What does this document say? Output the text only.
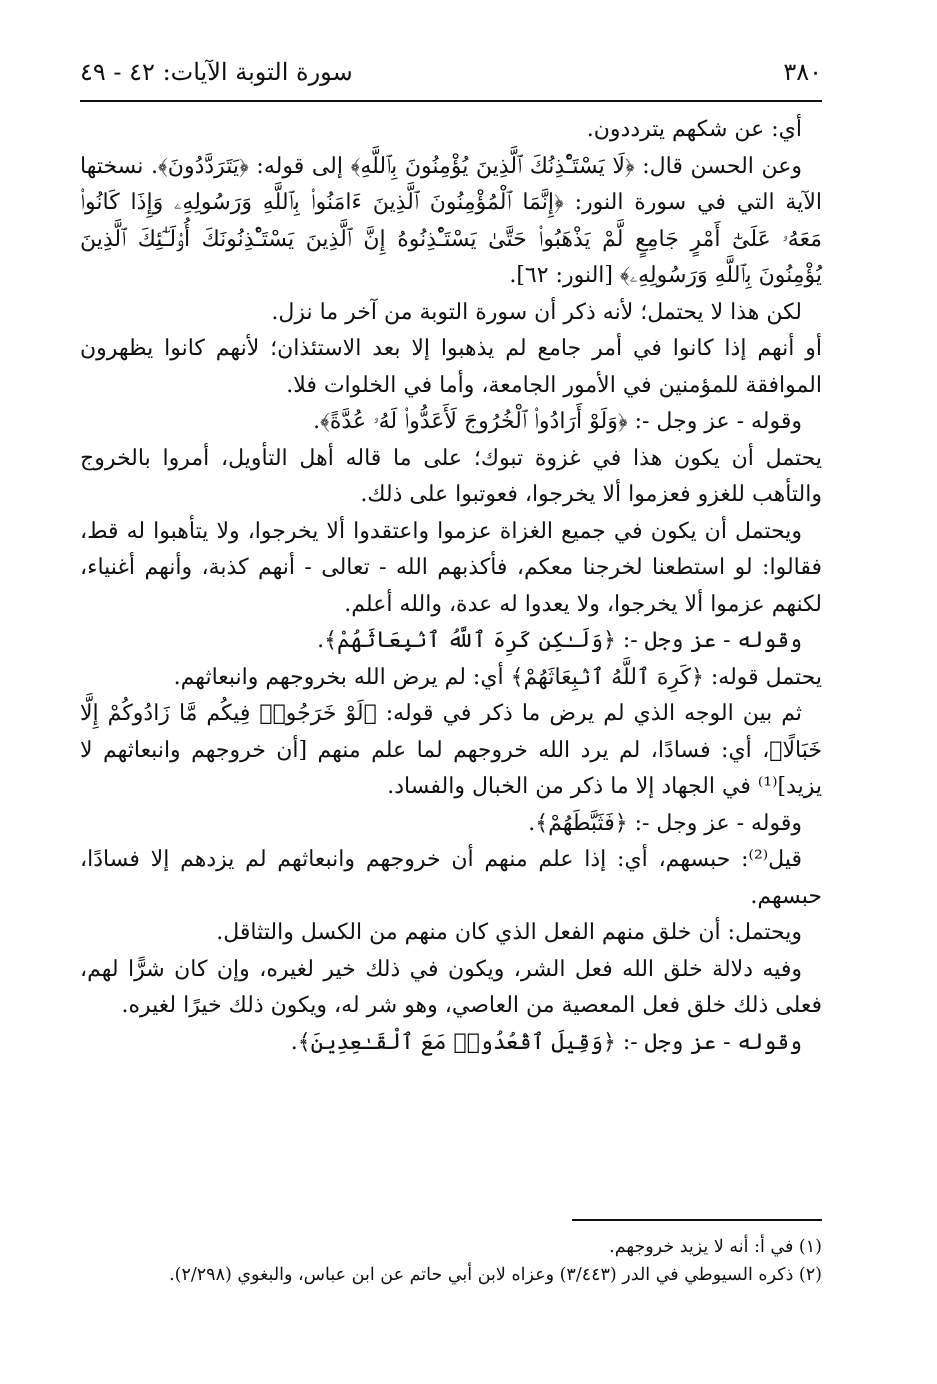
٣٨٠
سورة التوبة الآيات: ٤٢ - ٤٩

أي: عن شكهم يترددون.

وعن الحسن قال: ﴿لَا يَسْتَـْٔذِنُكَ ٱلَّذِينَ يُؤْمِنُونَ بِٱللَّهِ﴾ إلى قوله: ﴿يَتَرَدَّدُونَ﴾. نسختها الآية التي في سورة النور: ﴿إِنَّمَا ٱلْمُؤْمِنُونَ ٱلَّذِينَ ءَامَنُوا۟ بِٱللَّهِ وَرَسُولِهِۦ وَإِذَا كَانُوا۟ مَعَهُۥ عَلَىٰٓ أَمْرٍ جَامِعٍ لَّمْ يَذْهَبُوا۟ حَتَّىٰ يَسْتَـْٔذِنُوهُ إِنَّ ٱلَّذِينَ يَسْتَـْٔذِنُونَكَ أُو۟لَـٰٓئِكَ ٱلَّذِينَ يُؤْمِنُونَ بِٱللَّهِ وَرَسُولِهِۦ﴾ [النور: ٦٢].

لكن هذا لا يحتمل؛ لأنه ذكر أن سورة التوبة من آخر ما نزل.

أو أنهم إذا كانوا في أمر جامع لم يذهبوا إلا بعد الاستئذان؛ لأنهم كانوا يظهرون الموافقة للمؤمنين في الأمور الجامعة، وأما في الخلوات فلا.

وقوله - عز وجل -: ﴿وَلَوْ أَرَادُوا۟ ٱلْخُرُوجَ لَأَعَدُّوا۟ لَهُۥ عُدَّةً﴾.

يحتمل أن يكون هذا في غزوة تبوك؛ على ما قاله أهل التأويل، أمروا بالخروج والتأهب للغزو فعزموا ألا يخرجوا، فعوتبوا على ذلك.

ويحتمل أن يكون في جميع الغزاة عزموا واعتقدوا ألا يخرجوا، ولا يتأهبوا له قط، فقالوا: لو استطعنا لخرجنا معكم، فأكذبهم الله - تعالى - أنهم كذبة، وأنهم أغنياء، لكنهم عزموا ألا يخرجوا، ولا يعدوا له عدة، والله أعلم.

وقوله - عز وجل -: ﴿وَلَـٰكِن كَرِهَ ٱللَّهُ ٱنۢبِعَاثَهُمْ﴾.

يحتمل قوله: ﴿كَرِهَ ٱللَّهُ ٱنۢبِعَاثَهُمْ﴾ أي: لم يرض الله بخروجهم وانبعاثهم.

ثم بين الوجه الذي لم يرض ما ذكر في قوله: ﴿لَوْ خَرَجُوا۟ فِيكُم مَّا زَادُوكُمْ إِلَّا خَبَالًا﴾، أي: فسادًا، لم يرد الله خروجهم لما علم منهم [أن خروجهم وانبعاثهم لا يزيد]⁽¹⁾ في الجهاد إلا ما ذكر من الخبال والفساد.

وقوله - عز وجل -: ﴿فَثَبَّطَهُمْ﴾.

قيل⁽²⁾: حبسهم، أي: إذا علم منهم أن خروجهم وانبعاثهم لم يزدهم إلا فسادًا، حبسهم.

ويحتمل: أن خلق منهم الفعل الذي كان منهم من الكسل والتثاقل.

وفيه دلالة خلق الله فعل الشر، ويكون في ذلك خير لغيره، وإن كان شرًّا لهم، فعلى ذلك خلق فعل المعصية من العاصي، وهو شر له، ويكون ذلك خيرًا لغيره.

وقوله - عز وجل -: ﴿وَقِيلَ ٱقْعُدُوا۟ مَعَ ٱلْقَـٰعِدِينَ﴾.

(١) في أ: أنه لا يزيد خروجهم.

(٢) ذكره السيوطي في الدر (٣/٤٤٣) وعزاه لابن أبي حاتم عن ابن عباس، والبغوي (٢/٢٩٨).
